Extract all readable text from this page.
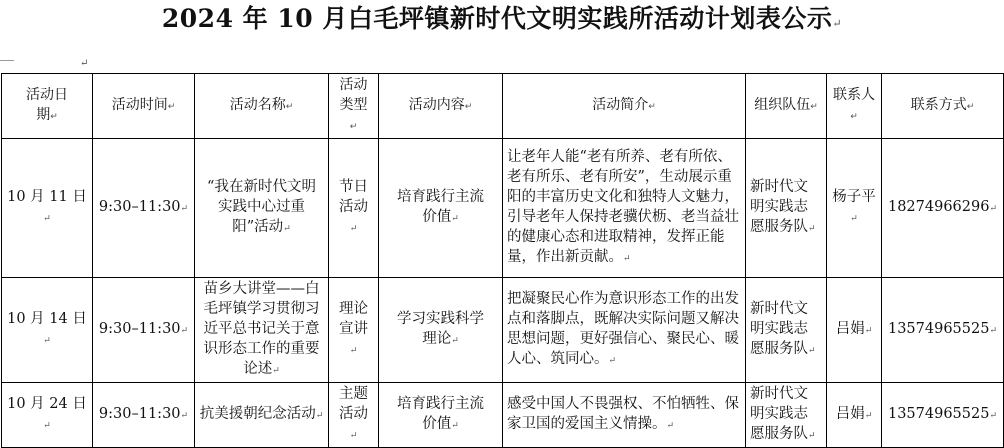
2024 年 10 月白毛坪镇新时代文明实践所活动计划表公示↵
↵
活动日期↵	活动时间↵	活动名称↵	活动类型↵	活动内容↵	活动简介↵	组织队伍↵	联系人↵	联系方式↵
10 月 11 日↵	9:30–11:30↵	“我在新时代文明实践中心过重阳”活动↵	节日活动↵	培育践行主流价值↵	让老年人能“老有所养、老有所依、老有所乐、老有所安”，生动展示重阳的丰富历史文化和独特人文魅力，引导老年人保持老骥伏枥、老当益壮的健康心态和进取精神，发挥正能量，作出新贡献。↵	新时代文明实践志愿服务队↵	杨子平↵	18274966296↵
10 月 14 日↵	9:30–11:30↵	苗乡大讲堂——白毛坪镇学习贯彻习近平总书记关于意识形态工作的重要论述↵	理论宣讲↵	学习实践科学理论↵	把凝聚民心作为意识形态工作的出发点和落脚点，既解决实际问题又解决思想问题，更好强信心、聚民心、暖人心、筑同心。↵	新时代文明实践志愿服务队↵	吕娟↵	13574965525↵
10 月 24 日↵	9:30–11:30↵	抗美援朝纪念活动↵	主题活动↵	培育践行主流价值↵	感受中国人不畏强权、不怕牺牲、保家卫国的爱国主义情操。↵	新时代文明实践志愿服务队↵	吕娟↵	13574965525↵
